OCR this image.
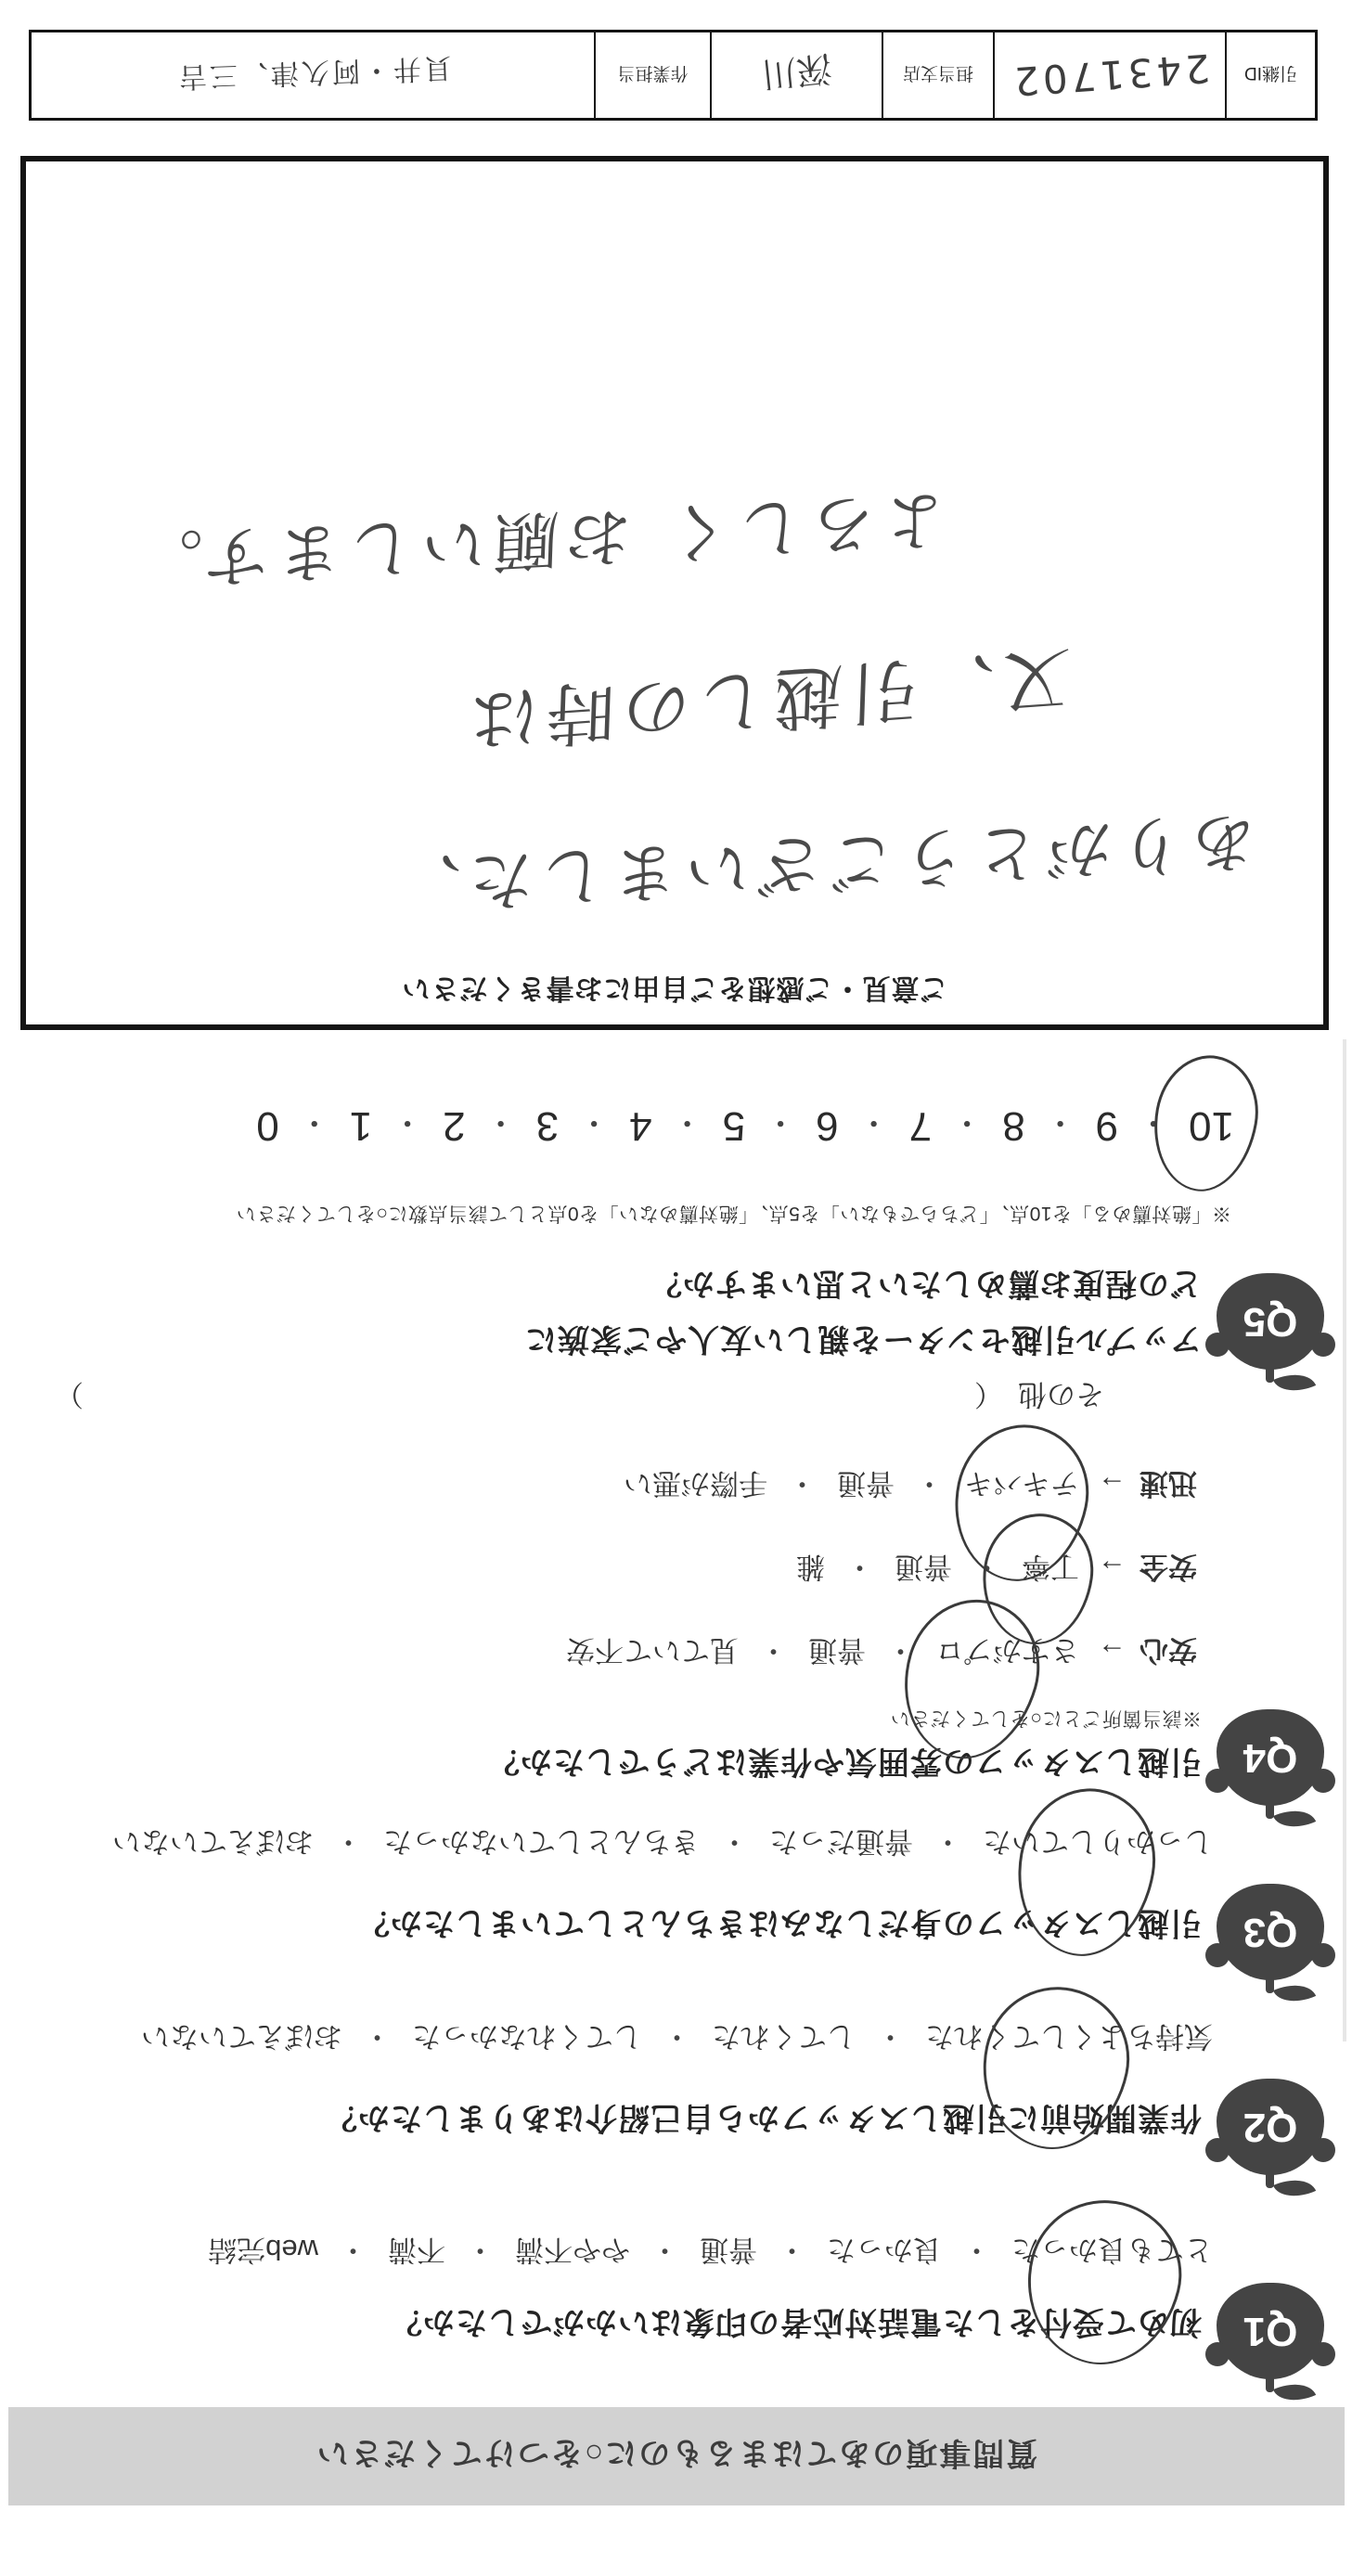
質問事項のあてはまるものに○をつけてください
Q1
初めて受付をした電話対応者の印象はいかがでしたか？
とても良かった
・
良かった
・
普通
・
やや不満
・
不満
・
web完結
Q2
作業開始前に引越しスタッフから自己紹介はありましたか？
気持ちよくしてくれた
・
してくれた
・
してくれなかった
・
おぼえていない
Q3
引越しスタッフの身だしなみはきちんとしていましたか？
しっかりしていた
・
普通だった
・
きちんとしていなかった
・
おぼえていない
Q4
引越しスタッフの雰囲気や作業はどうでしたか？
※該当箇所ごとに○をしてください
安心
→
さすがプロ
・
普通
・
見ていて不安
安全
→
丁寧
・
普通
・
雑
迅速
→
テキパキ
・
普通
・
手際が悪い
その他
（
）
Q5
アップル引越センターを親しい友人やご家族に
どの程度お薦めしたいと思いますか？
※「絶対薦める」を10点、「どちらでもない」を5点、「絶対薦めない」を0点として該当点数に○をしてください
10
・
9
・
8
・
7
・
6
・
5
・
4
・
3
・
2
・
1
・
0
ご意見・ご感想をご自由にお書きください
ありがとうございました、
又、引越しの時は
よろしく お願いします。
引継ID
2431702
担当支店
深川
作業担当
貝井・阿久津、三吉
